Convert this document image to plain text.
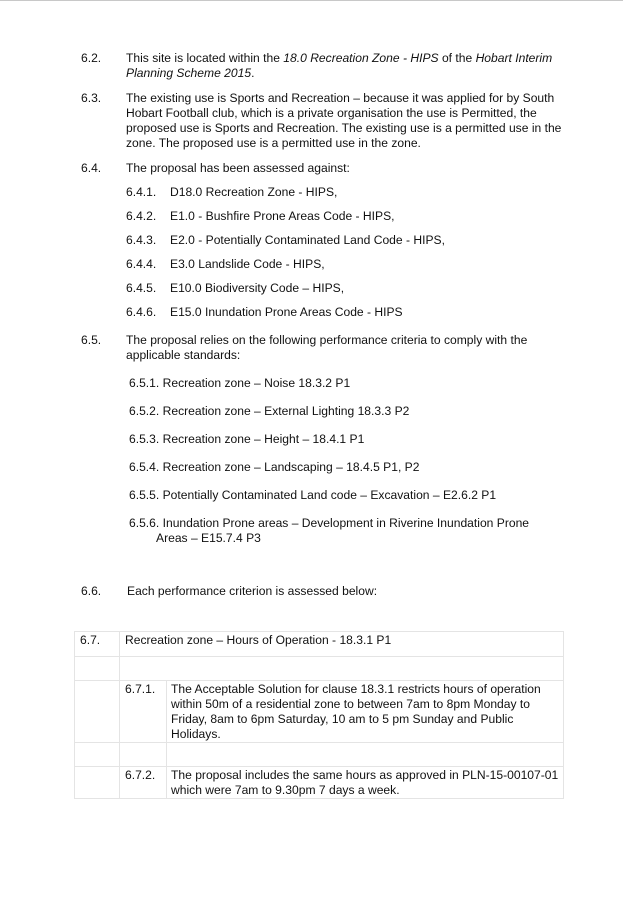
6.2. This site is located within the 18.0 Recreation Zone - HIPS of the Hobart Interim Planning Scheme 2015.
6.3. The existing use is Sports and Recreation – because it was applied for by South Hobart Football club, which is a private organisation the use is Permitted, the proposed use is Sports and Recreation. The existing use is a permitted use in the zone. The proposed use is a permitted use in the zone.
6.4. The proposal has been assessed against:
6.4.1. D18.0 Recreation Zone - HIPS,
6.4.2. E1.0 - Bushfire Prone Areas Code - HIPS,
6.4.3. E2.0 - Potentially Contaminated Land Code - HIPS,
6.4.4. E3.0 Landslide Code - HIPS,
6.4.5. E10.0 Biodiversity Code – HIPS,
6.4.6. E15.0 Inundation Prone Areas Code - HIPS
6.5. The proposal relies on the following performance criteria to comply with the
applicable standards:
6.5.1. Recreation zone – Noise 18.3.2 P1
6.5.2. Recreation zone – External Lighting 18.3.3 P2
6.5.3. Recreation zone – Height – 18.4.1 P1
6.5.4. Recreation zone – Landscaping – 18.4.5 P1, P2
6.5.5. Potentially Contaminated Land code – Excavation – E2.6.2 P1
6.5.6. Inundation Prone areas – Development in Riverine Inundation Prone
Areas – E15.7.4 P3
6.6. Each performance criterion is assessed below:
6.7.	Recreation zone – Hours of Operation - 18.3.1 P1	

	6.7.1.	The Acceptable Solution for clause 18.3.1 restricts hours of operation within 50m of a residential zone to between 7am to 8pm Monday to Friday, 8am to 6pm Saturday, 10 am to 5 pm Sunday and Public Holidays.

	6.7.2.	The proposal includes the same hours as approved in PLN-15-00107-01 which were 7am to 9.30pm 7 days a week.
